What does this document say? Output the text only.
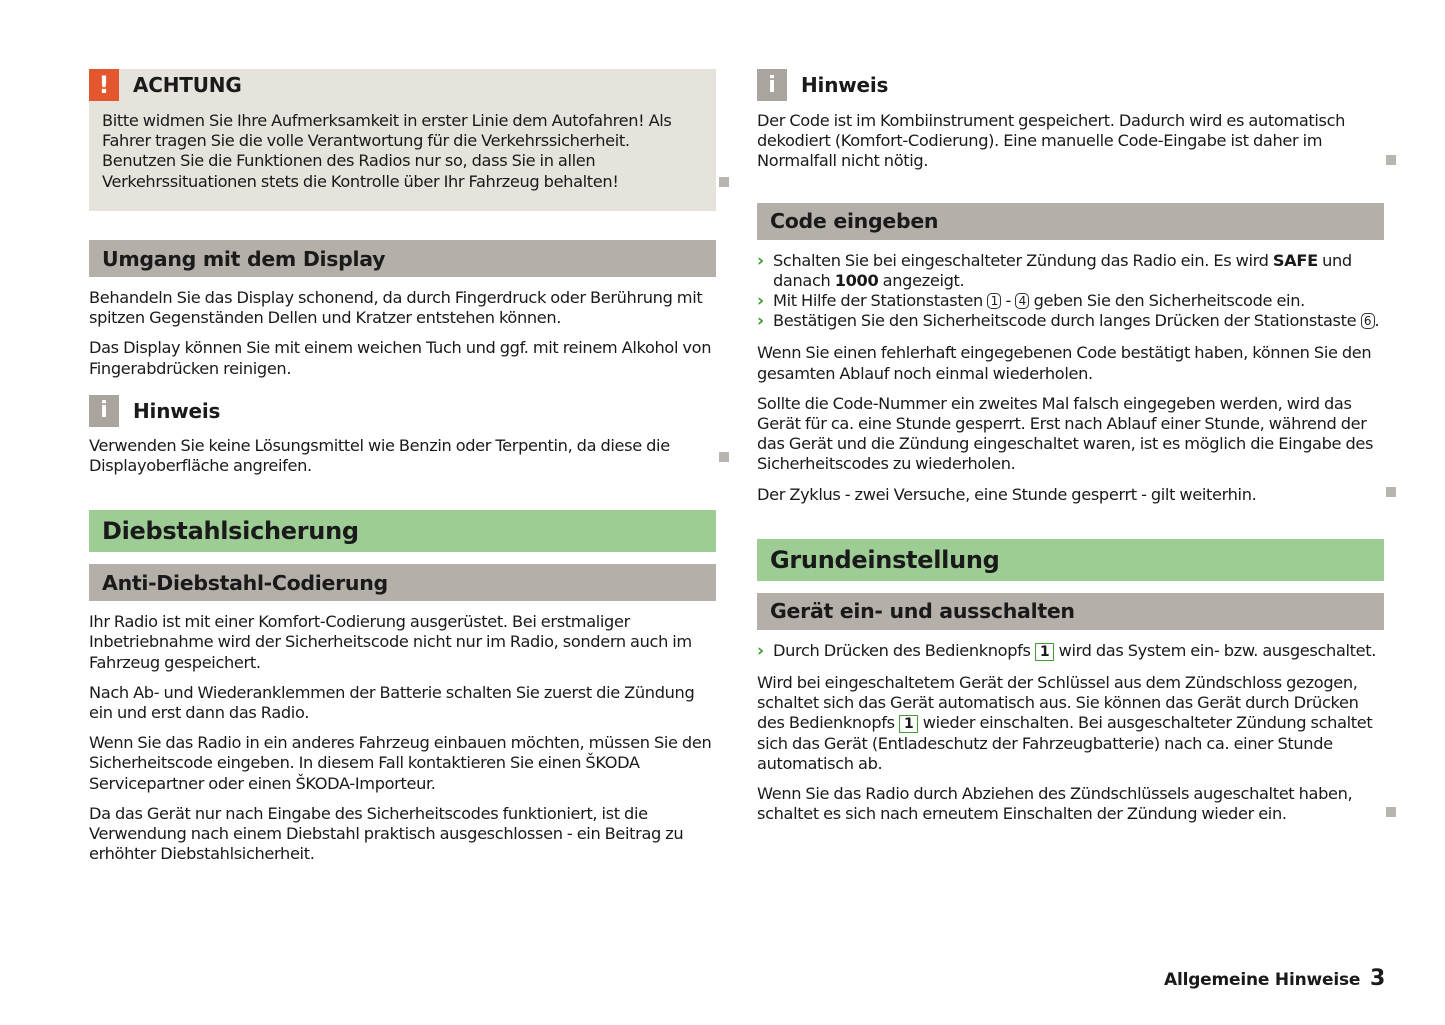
!	ACHTUNG

Bitte widmen Sie Ihre Aufmerksamkeit in erster Linie dem Autofahren! Als Fahrer tragen Sie die volle Verantwortung für die Verkehrssicherheit. Benutzen Sie die Funktionen des Radios nur so, dass Sie in allen Verkehrssituationen stets die Kontrolle über Ihr Fahrzeug behalten!

Umgang mit dem Display

Behandeln Sie das Display schonend, da durch Fingerdruck oder Berührung mit spitzen Gegenständen Dellen und Kratzer entstehen können.

Das Display können Sie mit einem weichen Tuch und ggf. mit reinem Alkohol von Fingerabdrücken reinigen.

i	Hinweis

Verwenden Sie keine Lösungsmittel wie Benzin oder Terpentin, da diese die Displayoberfläche angreifen.

Diebstahlsicherung
Anti-Diebstahl-Codierung

Ihr Radio ist mit einer Komfort-Codierung ausgerüstet. Bei erstmaliger Inbetriebnahme wird der Sicherheitscode nicht nur im Radio, sondern auch im Fahrzeug gespeichert.

Nach Ab- und Wiederanklemmen der Batterie schalten Sie zuerst die Zündung ein und erst dann das Radio.

Wenn Sie das Radio in ein anderes Fahrzeug einbauen möchten, müssen Sie den Sicherheitscode eingeben. In diesem Fall kontaktieren Sie einen ŠKODA Servicepartner oder einen ŠKODA-Importeur.

Da das Gerät nur nach Eingabe des Sicherheitscodes funktioniert, ist die Verwendung nach einem Diebstahl praktisch ausgeschlossen - ein Beitrag zu erhöhter Diebstahlsicherheit.

i	Hinweis

Der Code ist im Kombiinstrument gespeichert. Dadurch wird es automatisch dekodiert (Komfort-Codierung). Eine manuelle Code-Eingabe ist daher im Normalfall nicht nötig.

Code eingeben
› Schalten Sie bei eingeschalteter Zündung das Radio ein. Es wird SAFE und danach 1000 angezeigt.
› Mit Hilfe der Stationstasten 1 - 4 geben Sie den Sicherheitscode ein.
› Bestätigen Sie den Sicherheitscode durch langes Drücken der Stationstaste 6 .

Wenn Sie einen fehlerhaft eingegebenen Code bestätigt haben, können Sie den gesamten Ablauf noch einmal wiederholen.

Sollte die Code-Nummer ein zweites Mal falsch eingegeben werden, wird das Gerät für ca. eine Stunde gesperrt. Erst nach Ablauf einer Stunde, während der das Gerät und die Zündung eingeschaltet waren, ist es möglich die Eingabe des Sicherheitscodes zu wiederholen.

Der Zyklus - zwei Versuche, eine Stunde gesperrt - gilt weiterhin.

Grundeinstellung
Gerät ein- und ausschalten
› Durch Drücken des Bedienknopfs 1 wird das System ein- bzw. ausgeschaltet.

Wird bei eingeschaltetem Gerät der Schlüssel aus dem Zündschloss gezogen, schaltet sich das Gerät automatisch aus. Sie können das Gerät durch Drücken des Bedienknopfs 1 wieder einschalten. Bei ausgeschalteter Zündung schaltet sich das Gerät (Entladeschutz der Fahrzeugbatterie) nach ca. einer Stunde automatisch ab.

Wenn Sie das Radio durch Abziehen des Zündschlüssels augeschaltet haben, schaltet es sich nach erneutem Einschalten der Zündung wieder ein.

Allgemeine Hinweise 3
